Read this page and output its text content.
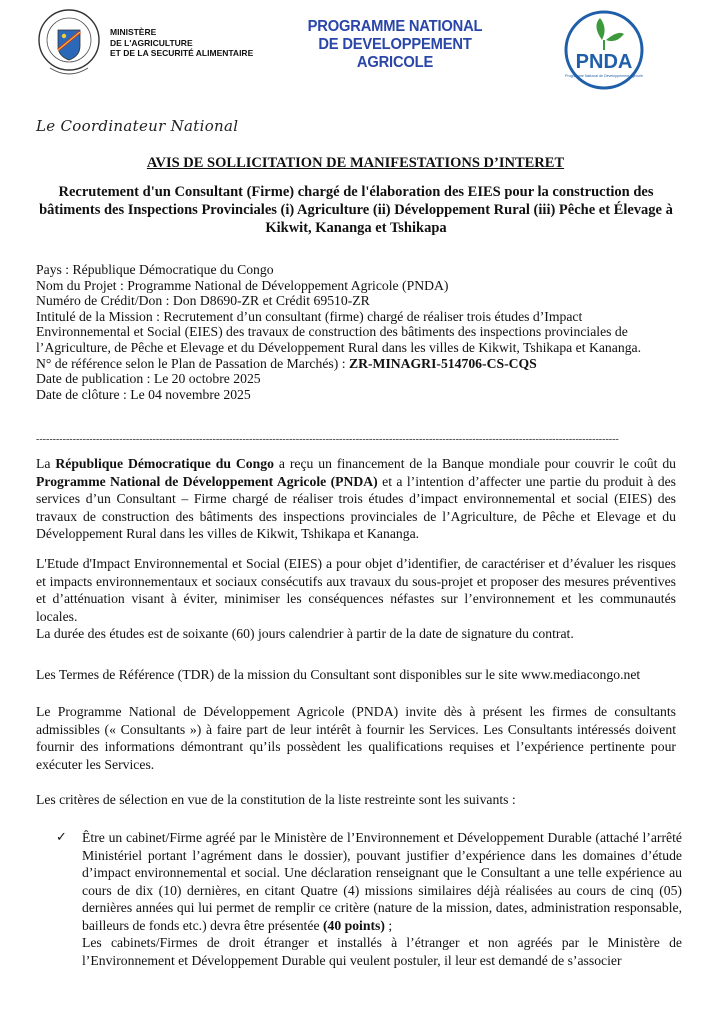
MINISTÈRE
DE L'AGRICULTURE
ET DE LA SECURITÉ ALIMENTAIRE
PROGRAMME NATIONAL
DE DEVELOPPEMENT
AGRICOLE	PNDA
Programme National de Développement Agricole
Le Coordinateur National
AVIS DE SOLLICITATION DE MANIFESTATIONS D’INTERET
Recrutement d'un Consultant (Firme) chargé de l'élaboration des EIES pour la construction des bâtiments des Inspections Provinciales (i) Agriculture (ii) Développement Rural (iii) Pêche et Élevage à Kikwit, Kananga et Tshikapa
Pays : République Démocratique du Congo
Nom du Projet : Programme National de Développement Agricole (PNDA)
Numéro de Crédit/Don : Don D8690-ZR et Crédit 69510-ZR
Intitulé de la Mission : Recrutement d’un consultant (firme) chargé de réaliser trois études d’Impact Environnemental et Social (EIES) des travaux de construction des bâtiments des inspections provinciales de l’Agriculture, de Pêche et Elevage et du Développement Rural dans les villes de Kikwit, Tshikapa et Kananga.
N° de référence selon le Plan de Passation de Marchés) : ZR-MINAGRI-514706-CS-CQS
Date de publication : Le 20 octobre 2025
Date de clôture : Le 04 novembre 2025
-------------------------------------------------------------------------------------------------------------------------------------------------------------------------------
La République Démocratique du Congo a reçu un financement de la Banque mondiale pour couvrir le coût du Programme National de Développement Agricole (PNDA) et a l’intention d’affecter une partie du produit à des services d’un Consultant – Firme chargé de réaliser trois études d’impact environnemental et social (EIES) des travaux de construction des bâtiments des inspections provinciales de l’Agriculture, de Pêche et Elevage et du Développement Rural dans les villes de Kikwit, Tshikapa et Kananga.
L'Etude d'Impact Environnemental et Social (EIES) a pour objet d’identifier, de caractériser et d’évaluer les risques et impacts environnementaux et sociaux consécutifs aux travaux du sous-projet et proposer des mesures préventives et d’atténuation visant à éviter, minimiser les conséquences néfastes sur l’environnement et les communautés locales.
La durée des études est de soixante (60) jours calendrier à partir de la date de signature du contrat.
Les Termes de Référence (TDR) de la mission du Consultant sont disponibles sur le site www.mediacongo.net
Le Programme National de Développement Agricole (PNDA) invite dès à présent les firmes de consultants admissibles (« Consultants ») à faire part de leur intérêt à fournir les Services. Les Consultants intéressés doivent fournir des informations démontrant qu’ils possèdent les qualifications requises et l’expérience pertinente pour exécuter les Services.
Les critères de sélection en vue de la constitution de la liste restreinte sont les suivants :
✓ Être un cabinet/Firme agréé par le Ministère de l’Environnement et Développement Durable (attaché l’arrêté Ministériel portant l’agrément dans le dossier), pouvant justifier d’expérience dans les domaines d’étude d’impact environnemental et social. Une déclaration renseignant que le Consultant a une telle expérience au cours de dix (10) dernières, en citant Quatre (4) missions similaires déjà réalisées au cours de cinq (05) dernières années qui lui permet de remplir ce critère (nature de la mission, dates, administration responsable, bailleurs de fonds etc.) devra être présentée (40 points) ;
Les cabinets/Firmes de droit étranger et installés à l’étranger et non agréés par le Ministère de l’Environnement et Développement Durable qui veulent postuler, il leur est demandé de s’associer
